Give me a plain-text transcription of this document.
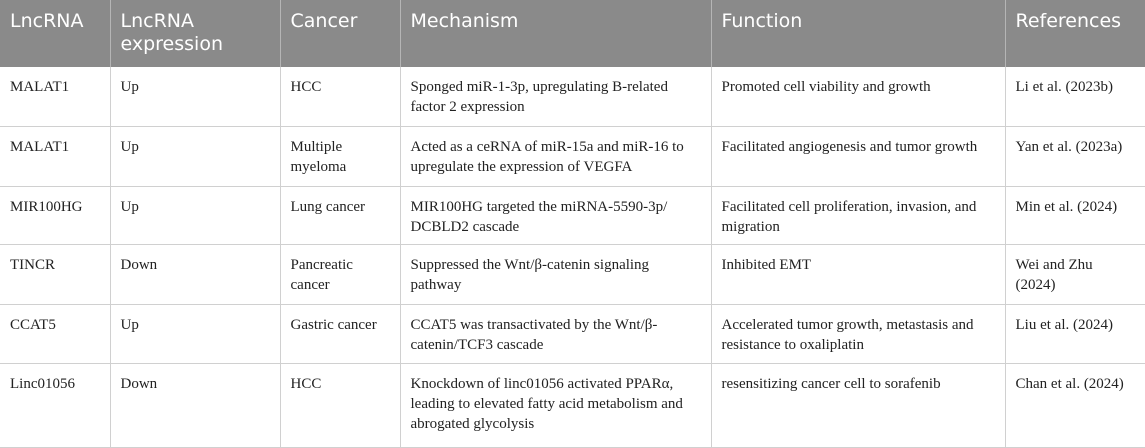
LncRNA	LncRNA expression	Cancer	Mechanism	Function	References
MALAT1	Up	HCC	Sponged miR-1-3p, upregulating B-related factor 2 expression	Promoted cell viability and growth	Li et al. (2023b)
MALAT1	Up	Multiple myeloma	Acted as a ceRNA of miR-15a and miR-16 to upregulate the expression of VEGFA	Facilitated angiogenesis and tumor growth	Yan et al. (2023a)
MIR100HG	Up	Lung cancer	MIR100HG targeted the miRNA-5590-3p/ DCBLD2 cascade	Facilitated cell proliferation, invasion, and migration	Min et al. (2024)
TINCR	Down	Pancreatic cancer	Suppressed the Wnt/β-catenin signaling pathway	Inhibited EMT	Wei and Zhu (2024)
CCAT5	Up	Gastric cancer	CCAT5 was transactivated by the Wnt/β-catenin/TCF3 cascade	Accelerated tumor growth, metastasis and resistance to oxaliplatin	Liu et al. (2024)
Linc01056	Down	HCC	Knockdown of linc01056 activated PPARα, leading to elevated fatty acid metabolism and abrogated glycolysis	resensitizing cancer cell to sorafenib	Chan et al. (2024)
